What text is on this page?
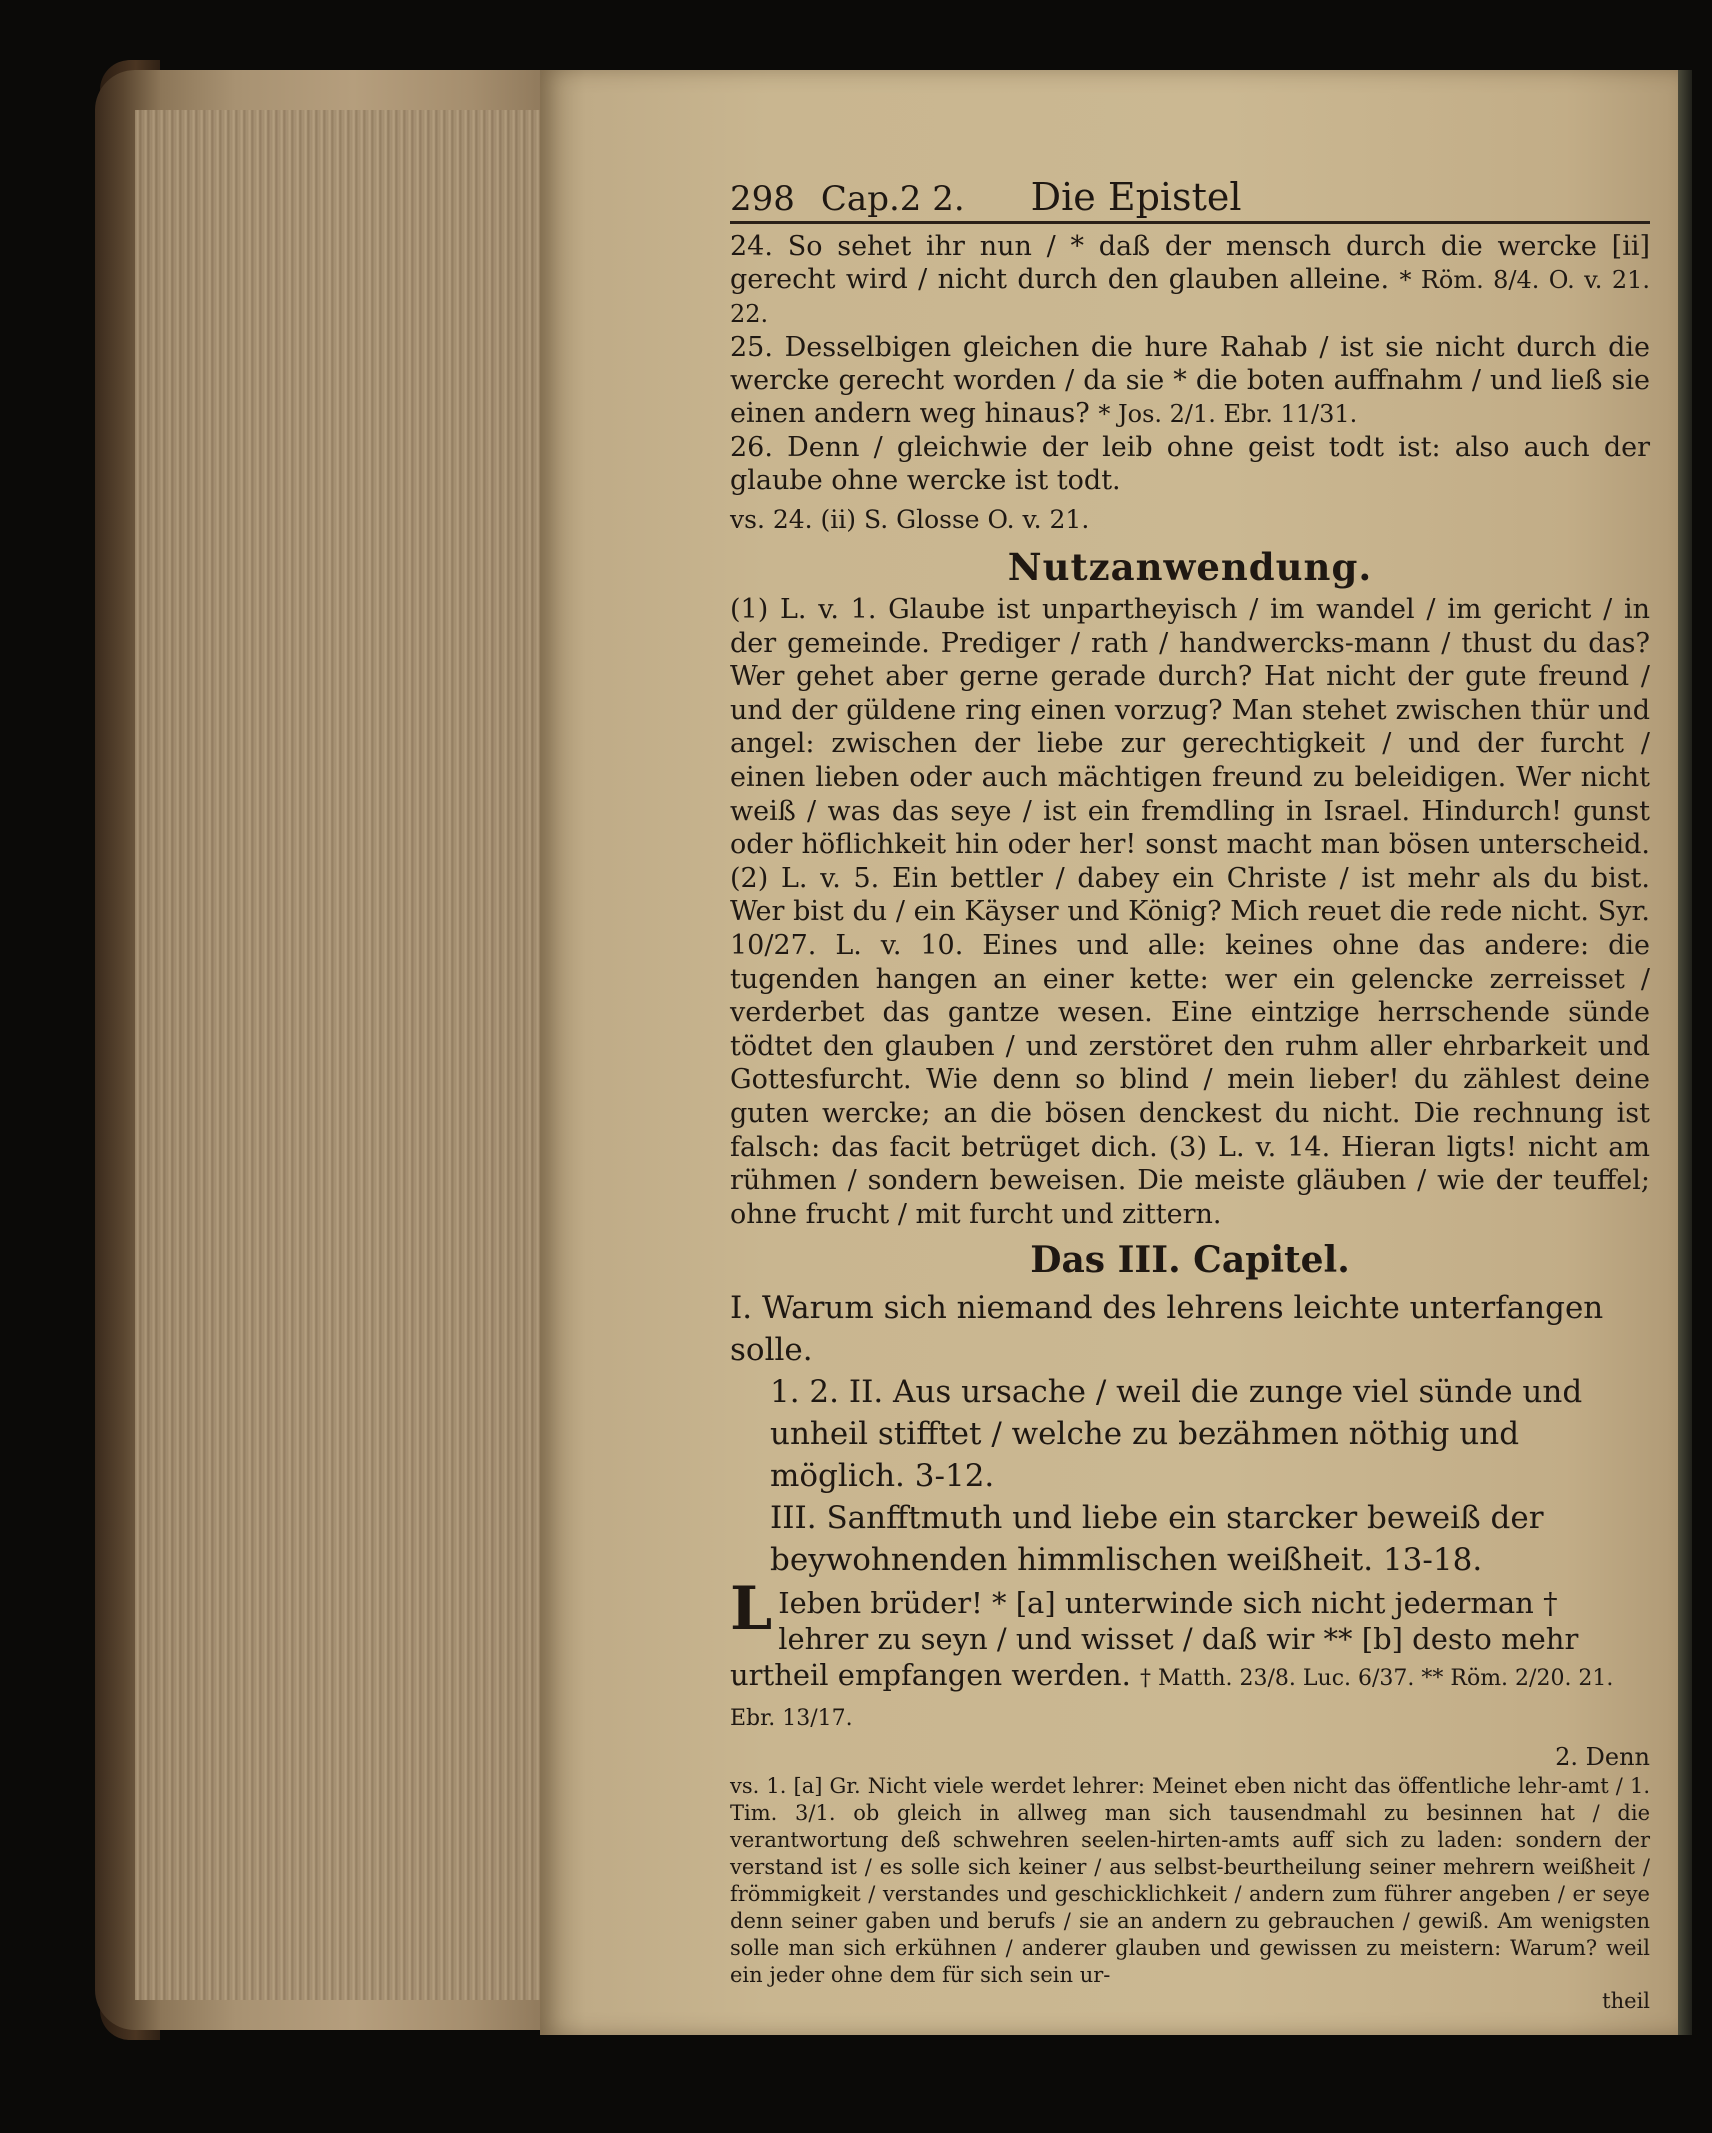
298 Cap.2 2. Die Epistel

24. So sehet ihr nun / * daß der mensch durch die wercke [ii] gerecht wird / nicht durch den glauben alleine. * Röm. 8/4. O. v. 21. 22.

25. Desselbigen gleichen die hure Rahab / ist sie nicht durch die wercke gerecht worden / da sie * die boten auffnahm / und ließ sie einen andern weg hinaus? * Jos. 2/1. Ebr. 11/31.

26. Denn / gleichwie der leib ohne geist todt ist: also auch der glaube ohne wercke ist todt.

vs. 24. (ii) S. Glosse O. v. 21.

Nutzanwendung.

(1) L. v. 1. Glaube ist unpartheyisch / im wandel / im gericht / in der gemeinde. Prediger / rath / handwercks-mann / thust du das? Wer gehet aber gerne gerade durch? Hat nicht der gute freund / und der güldene ring einen vorzug? Man stehet zwischen thür und angel: zwischen der liebe zur gerechtigkeit / und der furcht / einen lieben oder auch mächtigen freund zu beleidigen. Wer nicht weiß / was das seye / ist ein fremdling in Israel. Hindurch! gunst oder höflichkeit hin oder her! sonst macht man bösen unterscheid. (2) L. v. 5. Ein bettler / dabey ein Christe / ist mehr als du bist. Wer bist du / ein Käyser und König? Mich reuet die rede nicht. Syr. 10/27. L. v. 10. Eines und alle: keines ohne das andere: die tugenden hangen an einer kette: wer ein gelencke zerreisset / verderbet das gantze wesen. Eine eintzige herrschende sünde tödtet den glauben / und zerstöret den ruhm aller ehrbarkeit und Gottesfurcht. Wie denn so blind / mein lieber! du zählest deine guten wercke; an die bösen denckest du nicht. Die rechnung ist falsch: das facit betrüget dich. (3) L. v. 14. Hieran ligts! nicht am rühmen / sondern beweisen. Die meiste gläuben / wie der teuffel; ohne frucht / mit furcht und zittern.

Das III. Capitel.

I. Warum sich niemand des lehrens leichte unterfangen solle.

1. 2. II. Aus ursache / weil die zunge viel sünde und unheil stifftet / welche zu bezähmen nöthig und möglich. 3-12.

III. Sanfftmuth und liebe ein starcker beweiß der beywohnenden himmlischen weißheit. 13-18.

L Ieben brüder! * [a] unterwinde sich nicht jederman † lehrer zu seyn / und wisset / daß wir ** [b] desto mehr urtheil empfangen werden. † Matth. 23/8. Luc. 6/37. ** Röm. 2/20. 21. Ebr. 13/17.

2. Denn

vs. 1. [a] Gr. Nicht viele werdet lehrer: Meinet eben nicht das öffentliche lehr-amt / 1. Tim. 3/1. ob gleich in allweg man sich tausendmahl zu besinnen hat / die verantwortung deß schwehren seelen-hirten-amts auff sich zu laden: sondern der verstand ist / es solle sich keiner / aus selbst-beurtheilung seiner mehrern weißheit / frömmigkeit / verstandes und geschicklichkeit / andern zum führer angeben / er seye denn seiner gaben und berufs / sie an andern zu gebrauchen / gewiß. Am wenigsten solle man sich erkühnen / anderer glauben und gewissen zu meistern: Warum? weil ein jeder ohne dem für sich sein ur-

theil
